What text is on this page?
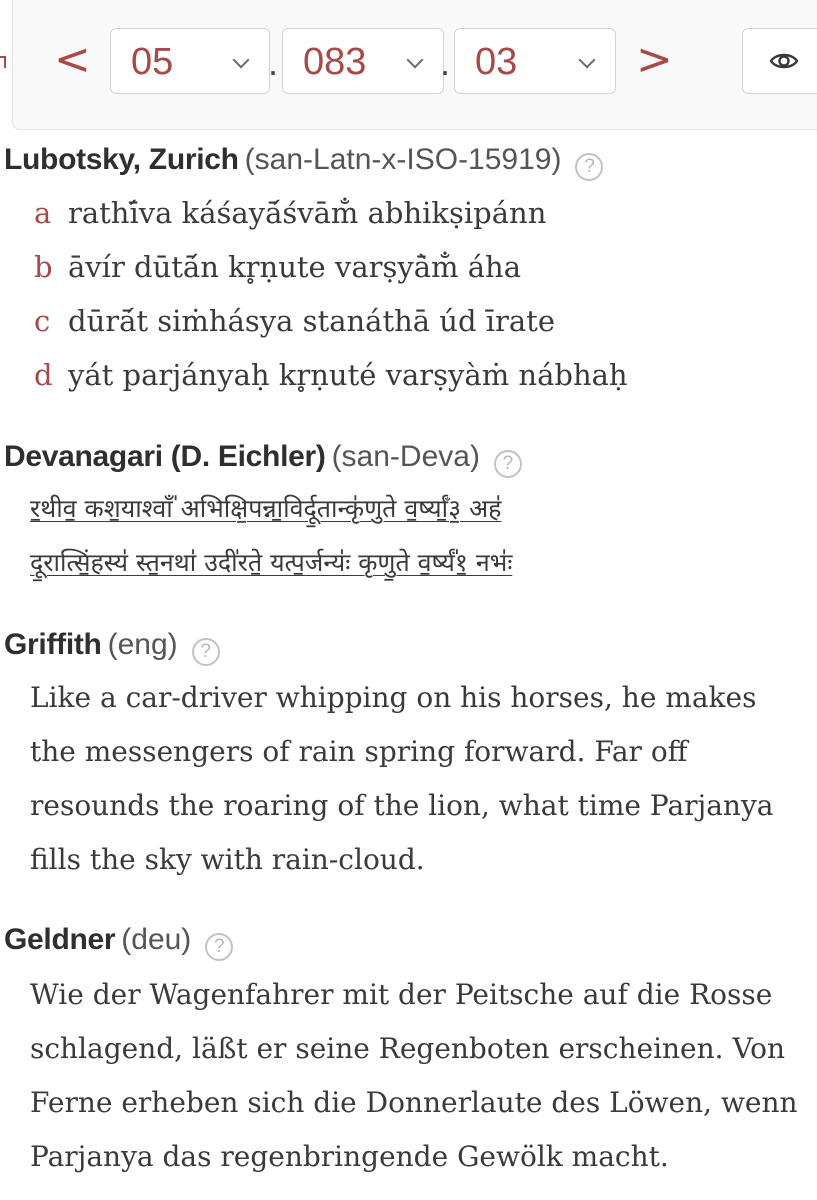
< 05	. 083 . 03	>
Lubotsky, Zurich (san-Latn-x-ISO-15919) ?
a rathī́va káśayā́śvām̐ abhikṣipánn
b āvír dūtā́n kr̥ṇute varṣyā̀m̐ áha
c dūrā́t siṁhásya stanáthā úd īrate
d yát parjányaḥ kr̥ṇuté varṣyàṁ nábhaḥ
Devanagari (D. Eichler) (san-Deva) ?
र॒थीव॒ कश॒याश्वाँ॑ अभिक्षि॒पन्ना॒विर्दू॒तान्कृ॑णुते व॒र्ष्याँ॒३॒ अह॑
दू॒रात्सिं॒हस्य॑ स्त॒नथा॑ उदी॑रते॒ यत्प॒र्जन्यः॑ कृणु॒ते व॒र्ष्यं॑१॒ नभः॑
Griffith (eng) ?
Like a car-driver whipping on his horses, he makes
the messengers of rain spring forward. Far off
resounds the roaring of the lion, what time Parjanya
fills the sky with rain-cloud.
Geldner (deu) ?
Wie der Wagenfahrer mit der Peitsche auf die Rosse
schlagend, läßt er seine Regenboten erscheinen. Von
Ferne erheben sich die Donnerlaute des Löwen, wenn
Parjanya das regenbringende Gewölk macht.
